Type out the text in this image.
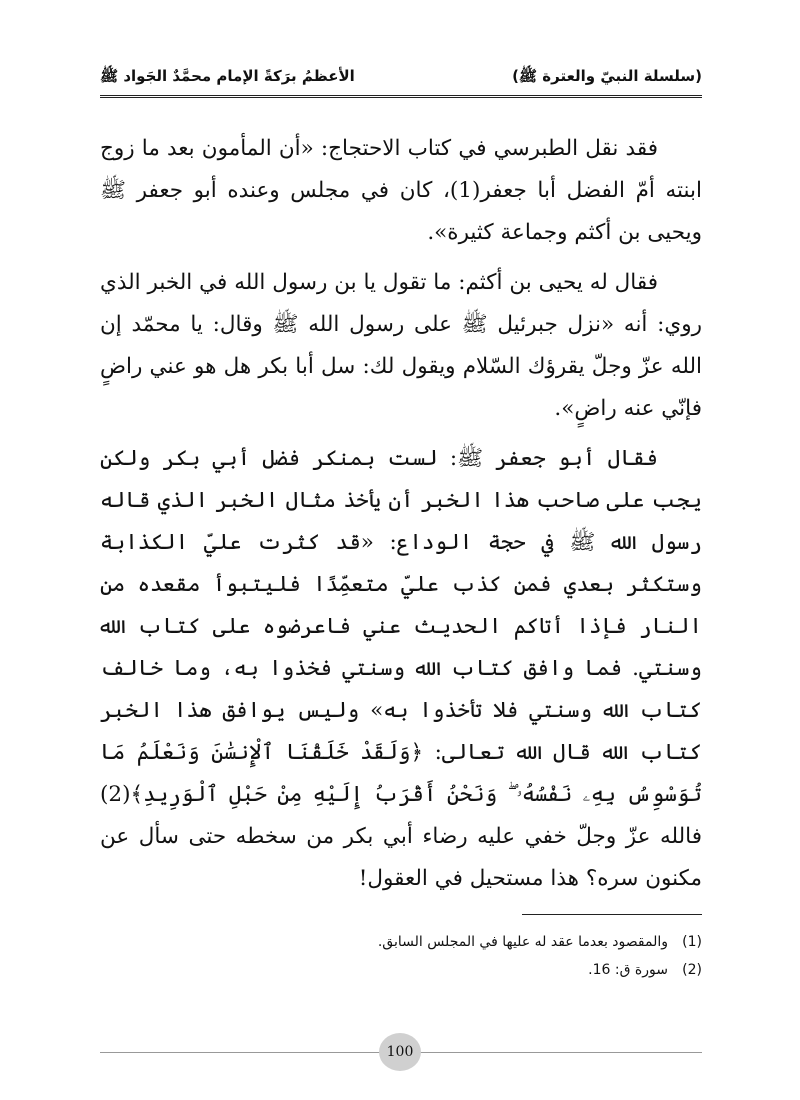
(سلسلة النبيّ والعترة ﷺ)
الأعظمُ برَكةً الإمام محمَّدٌ الجَواد ﷺ

فقد نقل الطبرسي في كتاب الاحتجاج: «أن المأمون بعد ما زوج ابنته أمّ الفضل أبا جعفر(1)، كان في مجلس وعنده أبو جعفر ﷺ ويحيى بن أكثم وجماعة كثيرة».

فقال له يحيى بن أكثم: ما تقول يا بن رسول الله في الخبر الذي روي: أنه «نزل جبرئيل ﷺ على رسول الله ﷺ وقال: يا محمّد إن الله عزّ وجلّ يقرؤك السّلام ويقول لك: سل أبا بكر هل هو عني راضٍ فإنّي عنه راضٍ».

فقال أبو جعفر ﷺ: لست بمنكر فضل أبي بكر ولكن يجب على صاحب هذا الخبر أن يأخذ مثال الخبر الذي قاله رسول الله ﷺ في حجة الوداع: «قد كثرت عليّ الكذابة وستكثر بعدي فمن كذب عليّ متعمِّدًا فليتبوأ مقعده من النار فإذا أتاكم الحديث عني فاعرضوه على كتاب الله وسنتي. فما وافق كتاب الله وسنتي فخذوا به، وما خالف كتاب الله وسنتي فلا تأخذوا به» وليس يوافق هذا الخبر كتاب الله قال الله تعالى: ﴿وَلَقَدْ خَلَقْنَا ٱلْإِنسَٰنَ وَنَعْلَمُ مَا تُوَسْوِسُ بِهِۦ نَفْسُهُۥ ۖ وَنَحْنُ أَقْرَبُ إِلَيْهِ مِنْ حَبْلِ ٱلْوَرِيدِ﴾(2) فالله عزّ وجلّ خفي عليه رضاء أبي بكر من سخطه حتى سأل عن مكنون سره؟ هذا مستحيل في العقول!

(1)
والمقصود بعدما عقد له عليها في المجلس السابق.
(2)
سورة ق: 16.
100
